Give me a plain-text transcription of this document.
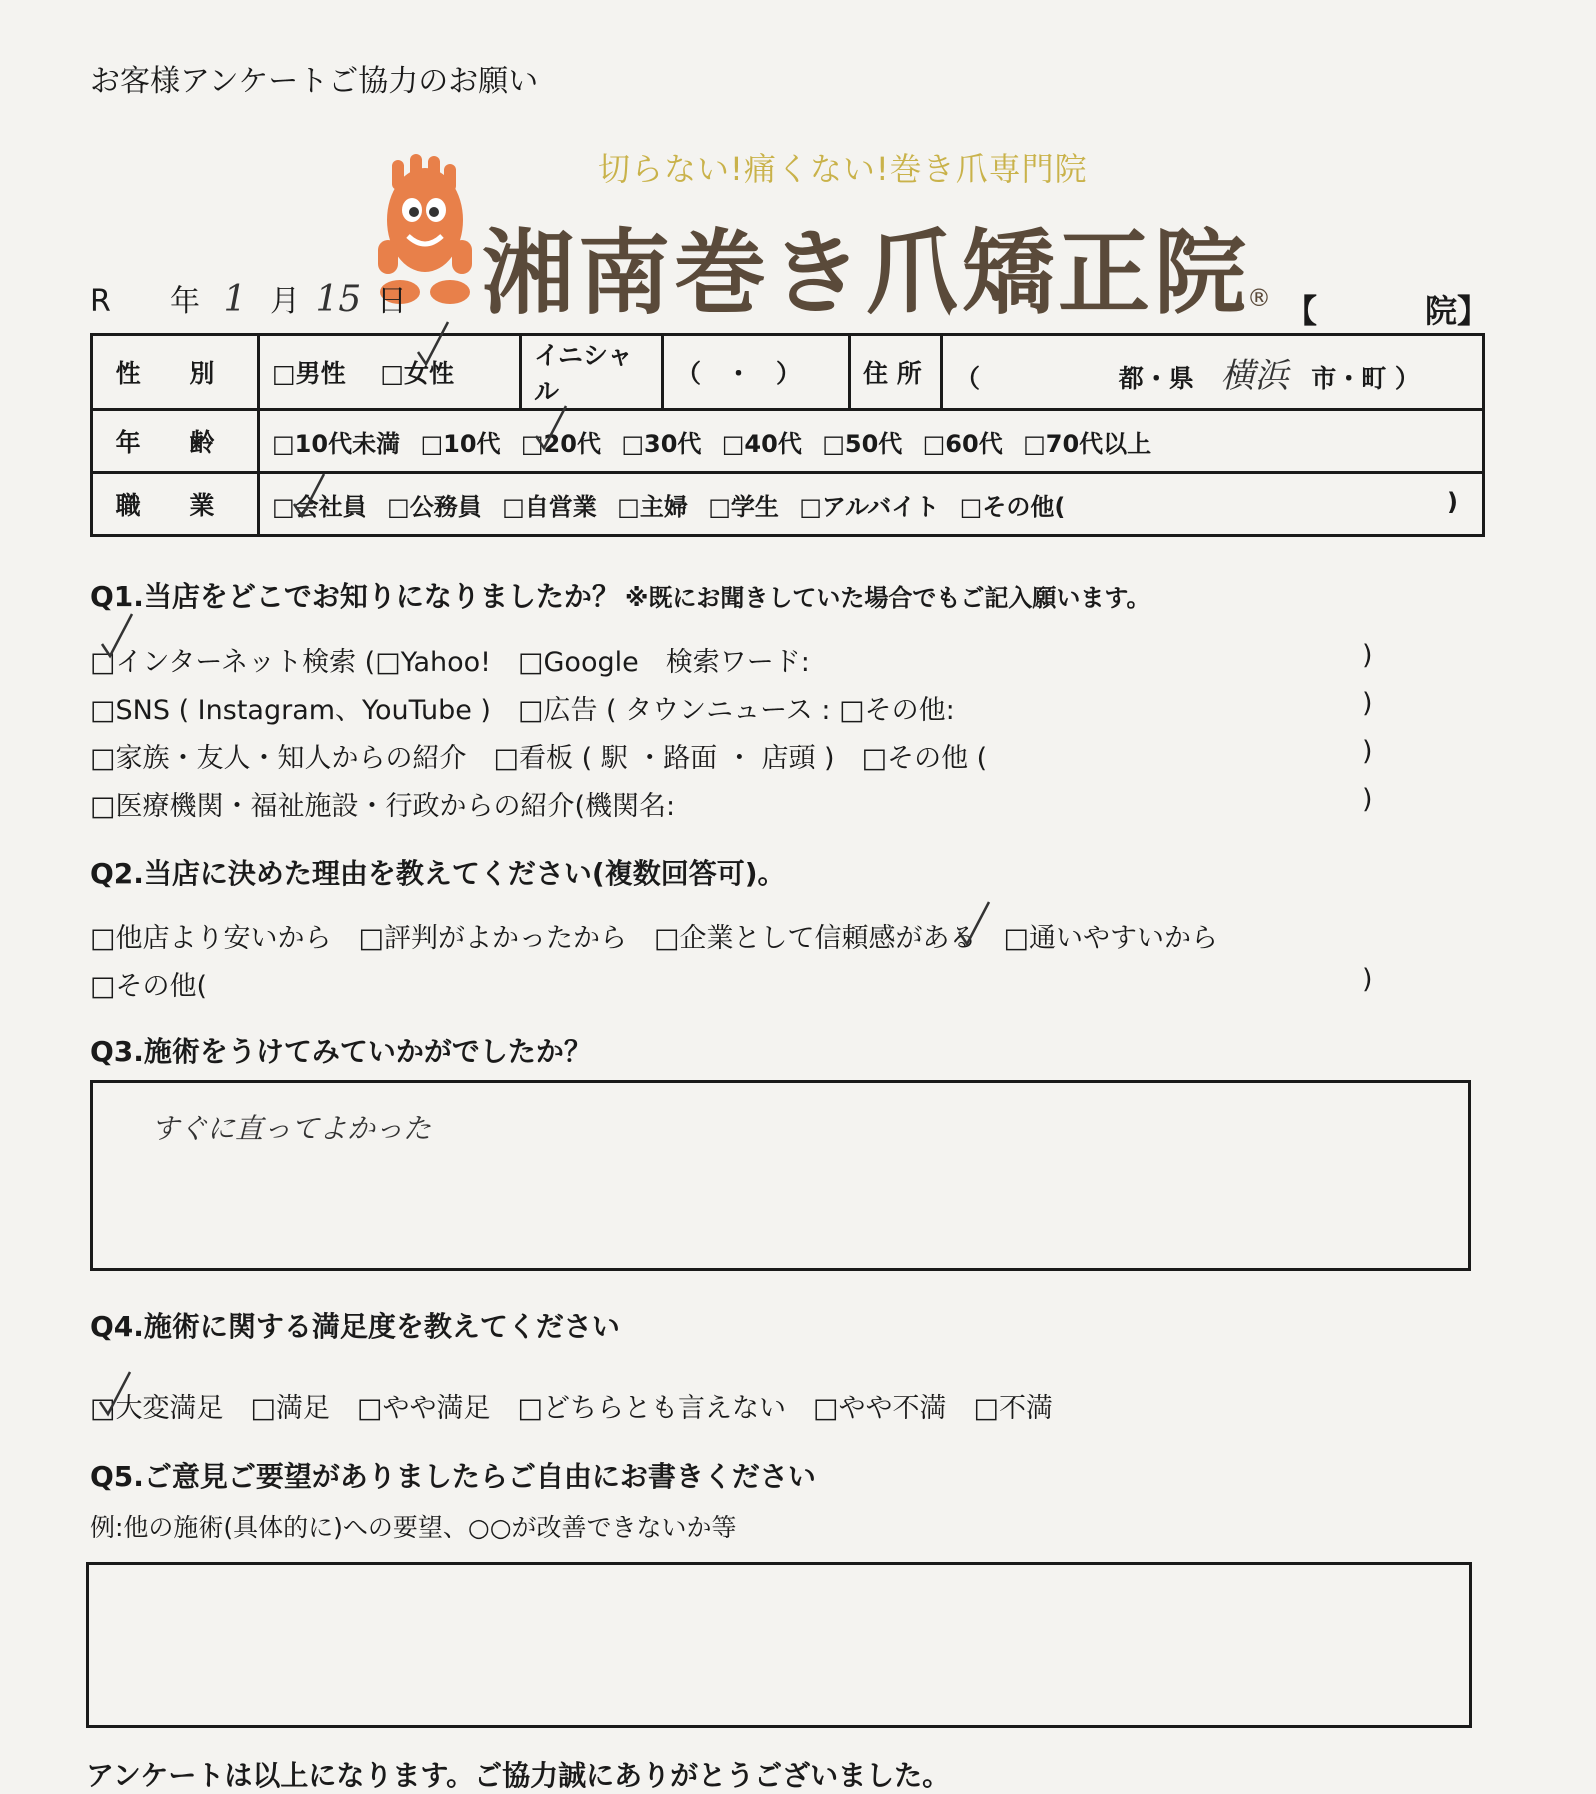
お客様アンケートご協力のお願い
切らない!痛くない!巻き爪専門院
湘南巻き爪矯正院
® 【	院】
R 年 1 月 15 日
性 別	□男性 □女性	イニシャル	（　・　）	住 所	（ 都・県 横浜 市・町 ）
年 齢	□10代未満 □10代 □20代 □30代 □40代 □50代 □60代 □70代以上				
職 業	□会社員 □公務員 □自営業 □主婦 □学生 □アルバイト □その他( )				
Q1.当店をどこでお知りになりましたか？ ※既にお聞きしていた場合でもご記入願います。
□インターネット検索 (□Yahoo!　□Google　検索ワード:	)
□SNS ( Instagram、YouTube )　□広告 ( タウンニュース : □その他:	)
□家族・友人・知人からの紹介　□看板 ( 駅 ・路面 ・ 店頭 )　□その他 (	)
□医療機関・福祉施設・行政からの紹介(機関名:	)
Q2.当店に決めた理由を教えてください(複数回答可)。
□他店より安いから　□評判がよかったから　□企業として信頼感がある　□通いやすいから
□その他(	)
Q3.施術をうけてみていかがでしたか？
すぐに直ってよかった
Q4.施術に関する満足度を教えてください
□大変満足　□満足　□やや満足　□どちらとも言えない　□やや不満　□不満
Q5.ご意見ご要望がありましたらご自由にお書きください
例:他の施術(具体的に)への要望、○○が改善できないか等
アンケートは以上になります。ご協力誠にありがとうございました。
